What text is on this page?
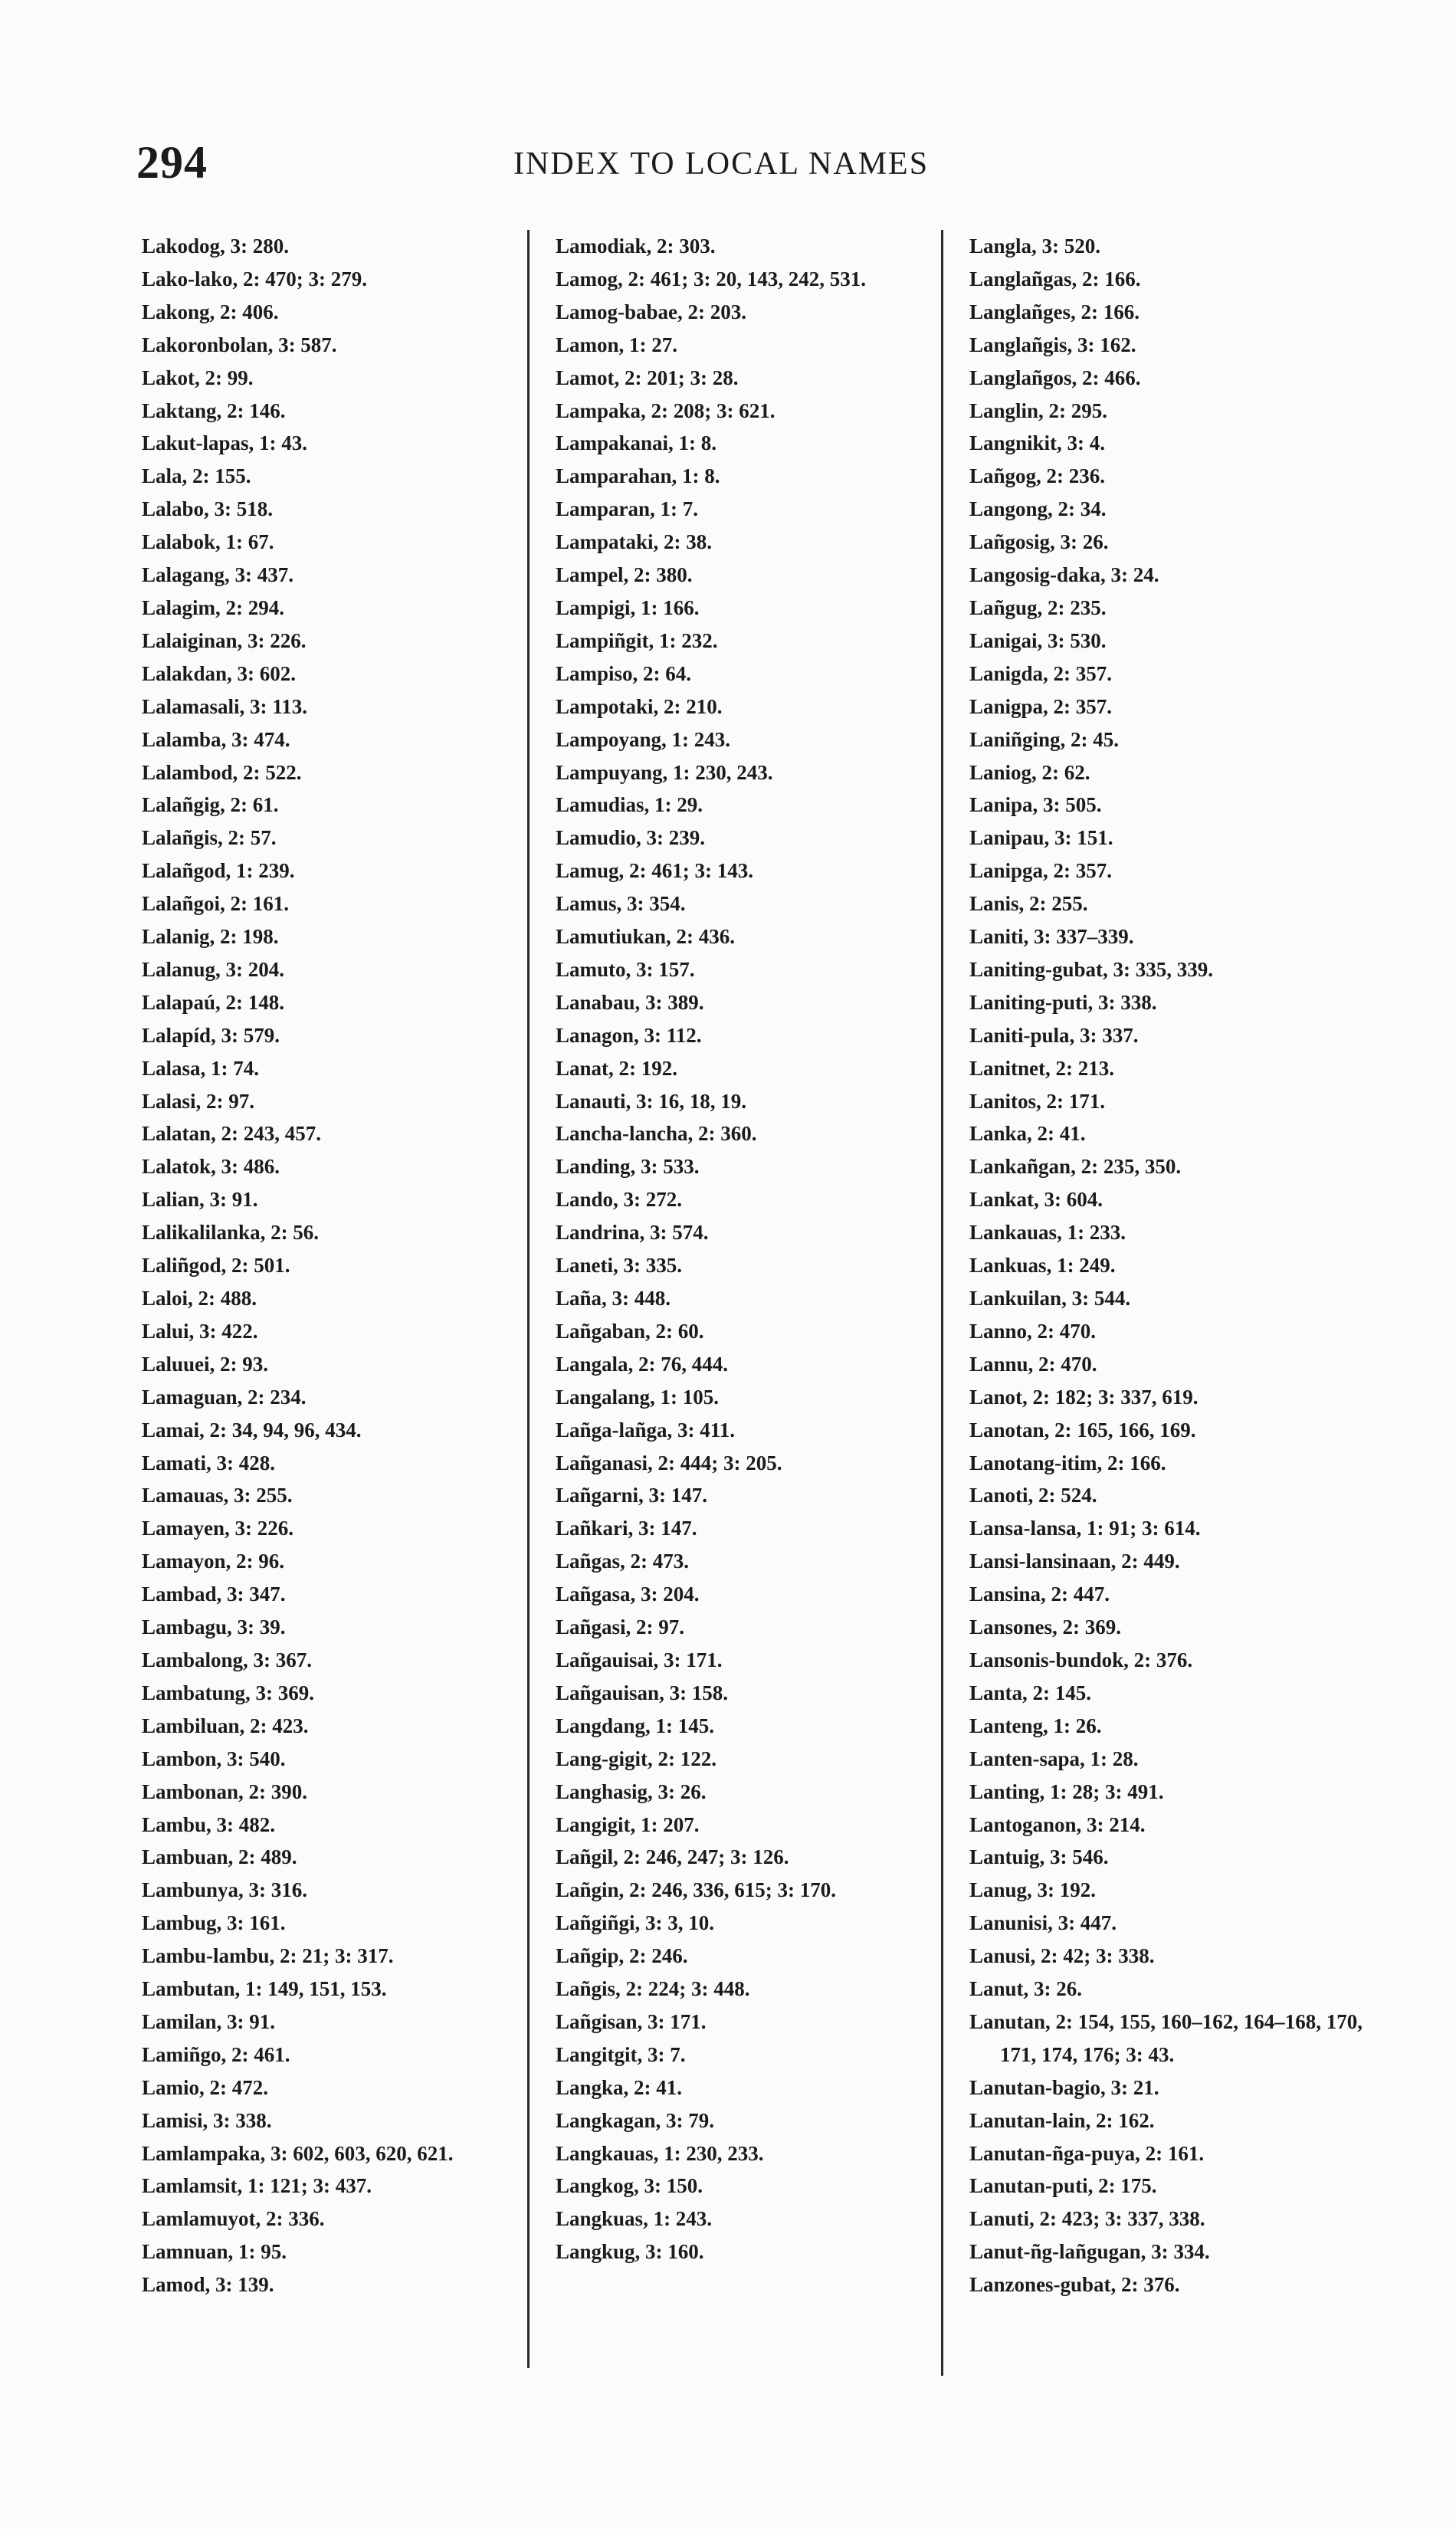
294	INDEX TO LOCAL NAMES

Lakodog, 3: 280.

Lako-lako, 2: 470; 3: 279.

Lakong, 2: 406.

Lakoronbolan, 3: 587.

Lakot, 2: 99.

Laktang, 2: 146.

Lakut-lapas, 1: 43.

Lala, 2: 155.

Lalabo, 3: 518.

Lalabok, 1: 67.

Lalagang, 3: 437.

Lalagim, 2: 294.

Lalaiginan, 3: 226.

Lalakdan, 3: 602.

Lalamasali, 3: 113.

Lalamba, 3: 474.

Lalambod, 2: 522.

Lalañgig, 2: 61.

Lalañgis, 2: 57.

Lalañgod, 1: 239.

Lalañgoi, 2: 161.

Lalanig, 2: 198.

Lalanug, 3: 204.

Lalapaú, 2: 148.

Lalapíd, 3: 579.

Lalasa, 1: 74.

Lalasi, 2: 97.

Lalatan, 2: 243, 457.

Lalatok, 3: 486.

Lalian, 3: 91.

Lalikalilanka, 2: 56.

Laliñgod, 2: 501.

Laloi, 2: 488.

Lalui, 3: 422.

Laluuei, 2: 93.

Lamaguan, 2: 234.

Lamai, 2: 34, 94, 96, 434.

Lamati, 3: 428.

Lamauas, 3: 255.

Lamayen, 3: 226.

Lamayon, 2: 96.

Lambad, 3: 347.

Lambagu, 3: 39.

Lambalong, 3: 367.

Lambatung, 3: 369.

Lambiluan, 2: 423.

Lambon, 3: 540.

Lambonan, 2: 390.

Lambu, 3: 482.

Lambuan, 2: 489.

Lambunya, 3: 316.

Lambug, 3: 161.

Lambu-lambu, 2: 21; 3: 317.

Lambutan, 1: 149, 151, 153.

Lamilan, 3: 91.

Lamiñgo, 2: 461.

Lamio, 2: 472.

Lamisi, 3: 338.

Lamlampaka, 3: 602, 603, 620, 621.

Lamlamsit, 1: 121; 3: 437.

Lamlamuyot, 2: 336.

Lamnuan, 1: 95.

Lamod, 3: 139.

Lamodiak, 2: 303.

Lamog, 2: 461; 3: 20, 143, 242, 531.

Lamog-babae, 2: 203.

Lamon, 1: 27.

Lamot, 2: 201; 3: 28.

Lampaka, 2: 208; 3: 621.

Lampakanai, 1: 8.

Lamparahan, 1: 8.

Lamparan, 1: 7.

Lampataki, 2: 38.

Lampel, 2: 380.

Lampigi, 1: 166.

Lampiñgit, 1: 232.

Lampiso, 2: 64.

Lampotaki, 2: 210.

Lampoyang, 1: 243.

Lampuyang, 1: 230, 243.

Lamudias, 1: 29.

Lamudio, 3: 239.

Lamug, 2: 461; 3: 143.

Lamus, 3: 354.

Lamutiukan, 2: 436.

Lamuto, 3: 157.

Lanabau, 3: 389.

Lanagon, 3: 112.

Lanat, 2: 192.

Lanauti, 3: 16, 18, 19.

Lancha-lancha, 2: 360.

Landing, 3: 533.

Lando, 3: 272.

Landrina, 3: 574.

Laneti, 3: 335.

Laña, 3: 448.

Lañgaban, 2: 60.

Langala, 2: 76, 444.

Langalang, 1: 105.

Lañga-lañga, 3: 411.

Lañganasi, 2: 444; 3: 205.

Lañgarni, 3: 147.

Lañkari, 3: 147.

Lañgas, 2: 473.

Lañgasa, 3: 204.

Lañgasi, 2: 97.

Lañgauisai, 3: 171.

Lañgauisan, 3: 158.

Langdang, 1: 145.

Lang-gigit, 2: 122.

Langhasig, 3: 26.

Langigit, 1: 207.

Lañgil, 2: 246, 247; 3: 126.

Lañgin, 2: 246, 336, 615; 3: 170.

Lañgiñgi, 3: 3, 10.

Lañgip, 2: 246.

Lañgis, 2: 224; 3: 448.

Lañgisan, 3: 171.

Langitgit, 3: 7.

Langka, 2: 41.

Langkagan, 3: 79.

Langkauas, 1: 230, 233.

Langkog, 3: 150.

Langkuas, 1: 243.

Langkug, 3: 160.

Langla, 3: 520.

Langlañgas, 2: 166.

Langlañges, 2: 166.

Langlañgis, 3: 162.

Langlañgos, 2: 466.

Langlin, 2: 295.

Langnikit, 3: 4.

Lañgog, 2: 236.

Langong, 2: 34.

Lañgosig, 3: 26.

Langosig-daka, 3: 24.

Lañgug, 2: 235.

Lanigai, 3: 530.

Lanigda, 2: 357.

Lanigpa, 2: 357.

Laniñging, 2: 45.

Laniog, 2: 62.

Lanipa, 3: 505.

Lanipau, 3: 151.

Lanipga, 2: 357.

Lanis, 2: 255.

Laniti, 3: 337–339.

Laniting-gubat, 3: 335, 339.

Laniting-puti, 3: 338.

Laniti-pula, 3: 337.

Lanitnet, 2: 213.

Lanitos, 2: 171.

Lanka, 2: 41.

Lankañgan, 2: 235, 350.

Lankat, 3: 604.

Lankauas, 1: 233.

Lankuas, 1: 249.

Lankuilan, 3: 544.

Lanno, 2: 470.

Lannu, 2: 470.

Lanot, 2: 182; 3: 337, 619.

Lanotan, 2: 165, 166, 169.

Lanotang-itim, 2: 166.

Lanoti, 2: 524.

Lansa-lansa, 1: 91; 3: 614.

Lansi-lansinaan, 2: 449.

Lansina, 2: 447.

Lansones, 2: 369.

Lansonis-bundok, 2: 376.

Lanta, 2: 145.

Lanteng, 1: 26.

Lanten-sapa, 1: 28.

Lanting, 1: 28; 3: 491.

Lantoganon, 3: 214.

Lantuig, 3: 546.

Lanug, 3: 192.

Lanunisi, 3: 447.

Lanusi, 2: 42; 3: 338.

Lanut, 3: 26.

Lanutan, 2: 154, 155, 160–162, 164–168, 170, 171, 174, 176; 3: 43.

Lanutan-bagio, 3: 21.

Lanutan-lain, 2: 162.

Lanutan-ñga-puya, 2: 161.

Lanutan-puti, 2: 175.

Lanuti, 2: 423; 3: 337, 338.

Lanut-ñg-lañgugan, 3: 334.

Lanzones-gubat, 2: 376.
